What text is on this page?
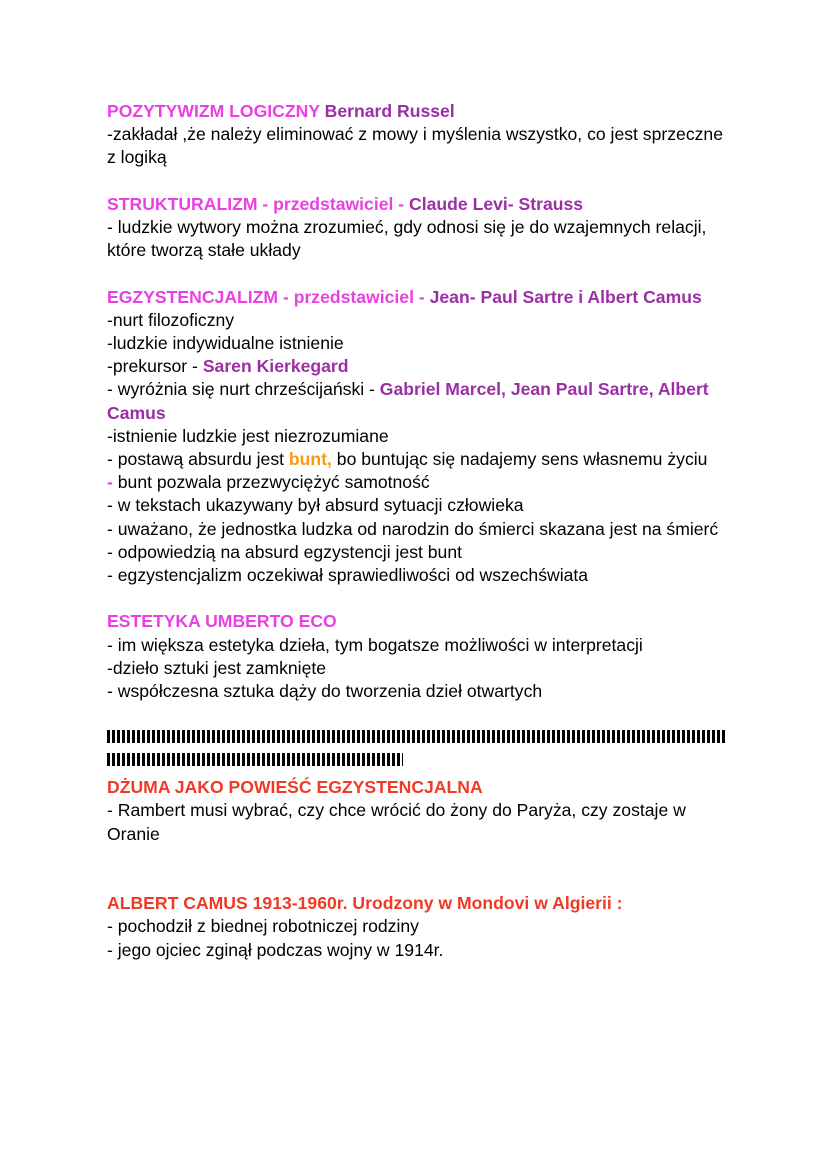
POZYTYWIZM LOGICZNY Bernard Russel
-zakładał ,że należy eliminować z mowy i myślenia wszystko, co jest sprzeczne z logiką
STRUKTURALIZM - przedstawiciel - Claude Levi- Strauss
- ludzkie wytwory można zrozumieć, gdy odnosi się je do wzajemnych relacji, które tworzą stałe układy
EGZYSTENCJALIZM - przedstawiciel - Jean- Paul Sartre i Albert Camus
-nurt filozoficzny
-ludzkie indywidualne istnienie
-prekursor - Saren Kierkegard
- wyróżnia się nurt chrześcijański - Gabriel Marcel, Jean Paul Sartre, Albert Camus
-istnienie ludzkie jest niezrozumiane
- postawą absurdu jest bunt, bo buntując się nadajemy sens własnemu życiu
- bunt pozwala przezwyciężyć samotność
- w tekstach ukazywany był absurd sytuacji człowieka
- uważano, że jednostka ludzka od narodzin do śmierci skazana jest na śmierć
- odpowiedzią na absurd egzystencji jest bunt
- egzystencjalizm oczekiwał sprawiedliwości od wszechświata
ESTETYKA UMBERTO ECO
- im większa estetyka dzieła, tym bogatsze możliwości w interpretacji
-dzieło sztuki jest zamknięte
- współczesna sztuka dąży do tworzenia dzieł otwartych
DŻUMA JAKO POWIEŚĆ EGZYSTENCJALNA
- Rambert musi wybrać, czy chce wrócić do żony do Paryża, czy zostaje w Oranie
ALBERT CAMUS 1913-1960r. Urodzony w Mondovi w Algierii :
- pochodził z biednej robotniczej rodziny
- jego ojciec zginął podczas wojny w 1914r.
